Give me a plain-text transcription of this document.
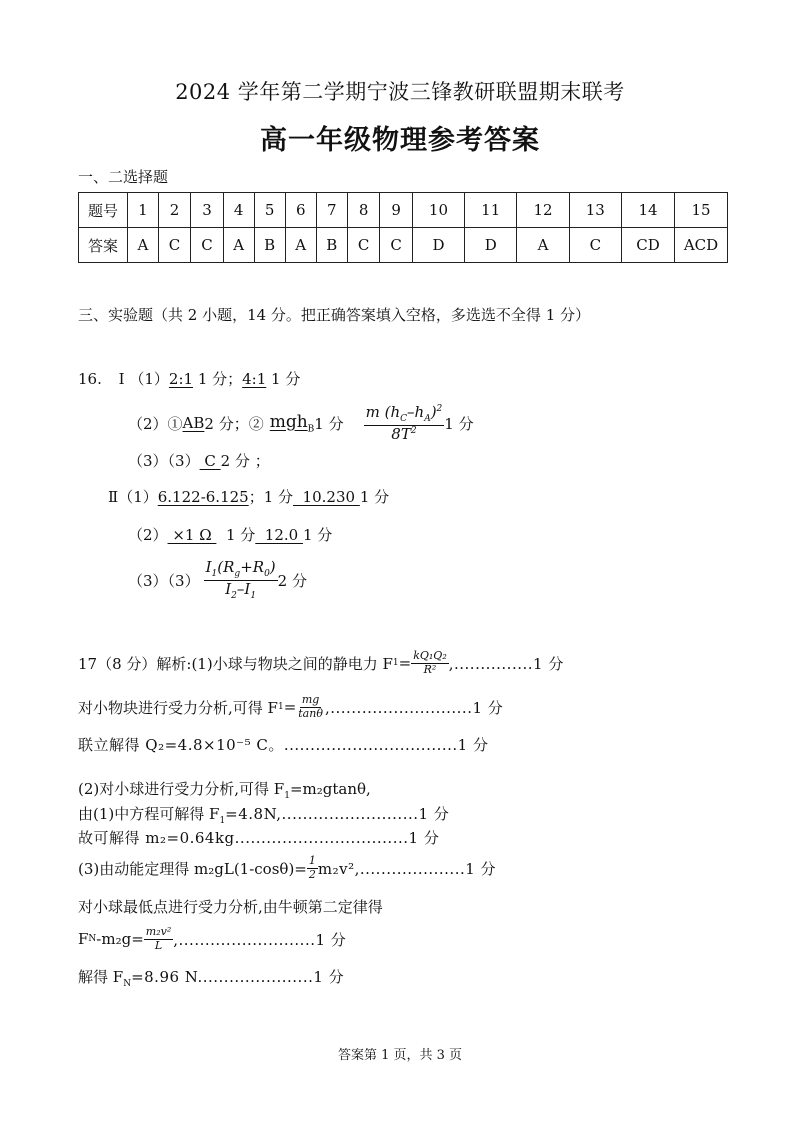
2024 学年第二学期宁波三锋教研联盟期末联考
高一年级物理参考答案
一、二选择题
题号	1	2	3	4	5	6	7	8	9	10	11	12	13	14	15
答案	A	C	C	A	B	A	B	C	C	D	D	A	C	CD	ACD
三、实验题（共 2 小题，14 分。把正确答案填入空格，多选选不全得 1 分）
16. Ⅰ （1）2:1 1 分；4:1 1 分
（2）① AB 2 分；② mgh$_B$ 1 分 $\frac{m (h_C-h_A)^2}{8T^2} 1$ 分
（3）（3） C 2 分 ；
Ⅱ（1）6.122-6.125；1 分  10.230 1 分
（2） ×1 Ω   1 分  12.0 1 分
$(3)(3) \frac{I_1(R_g+R_0)}{I_2-I_1} 2$ 分
17（8 分）解析:(1)小球与物块之间的静电力 F $1 = \frac{\text{kQ₁Q₂}}{\text{R²}} ,...............1$ 分
对小物块进行受力分析,可得 F $1 = \frac{mg}{\tan\theta} ,...........................1$ 分
联立解得 Q₂=4.8×10⁻⁵ C。.................................1 分
(2)对小球进行受力分析,可得 $F_1=m_2gtan\theta$,
由(1)中方程可解得 $F_1=4.8N,..........................1$ 分
故可解得 m₂=0.64kg.................................1 分
(3)由动能定理得 $m_2gL(1-\cos\theta)= \frac{1}{2} m_2v^2,....................1$ 分
对小球最低点进行受力分析,由牛顿第二定律得
F N $-m_2g= \frac{\text{m₂v²}}{L} ,..........................1$ 分
解得 $F_N=8.96$ N......................1 分
答案第 1 页，共 3 页
